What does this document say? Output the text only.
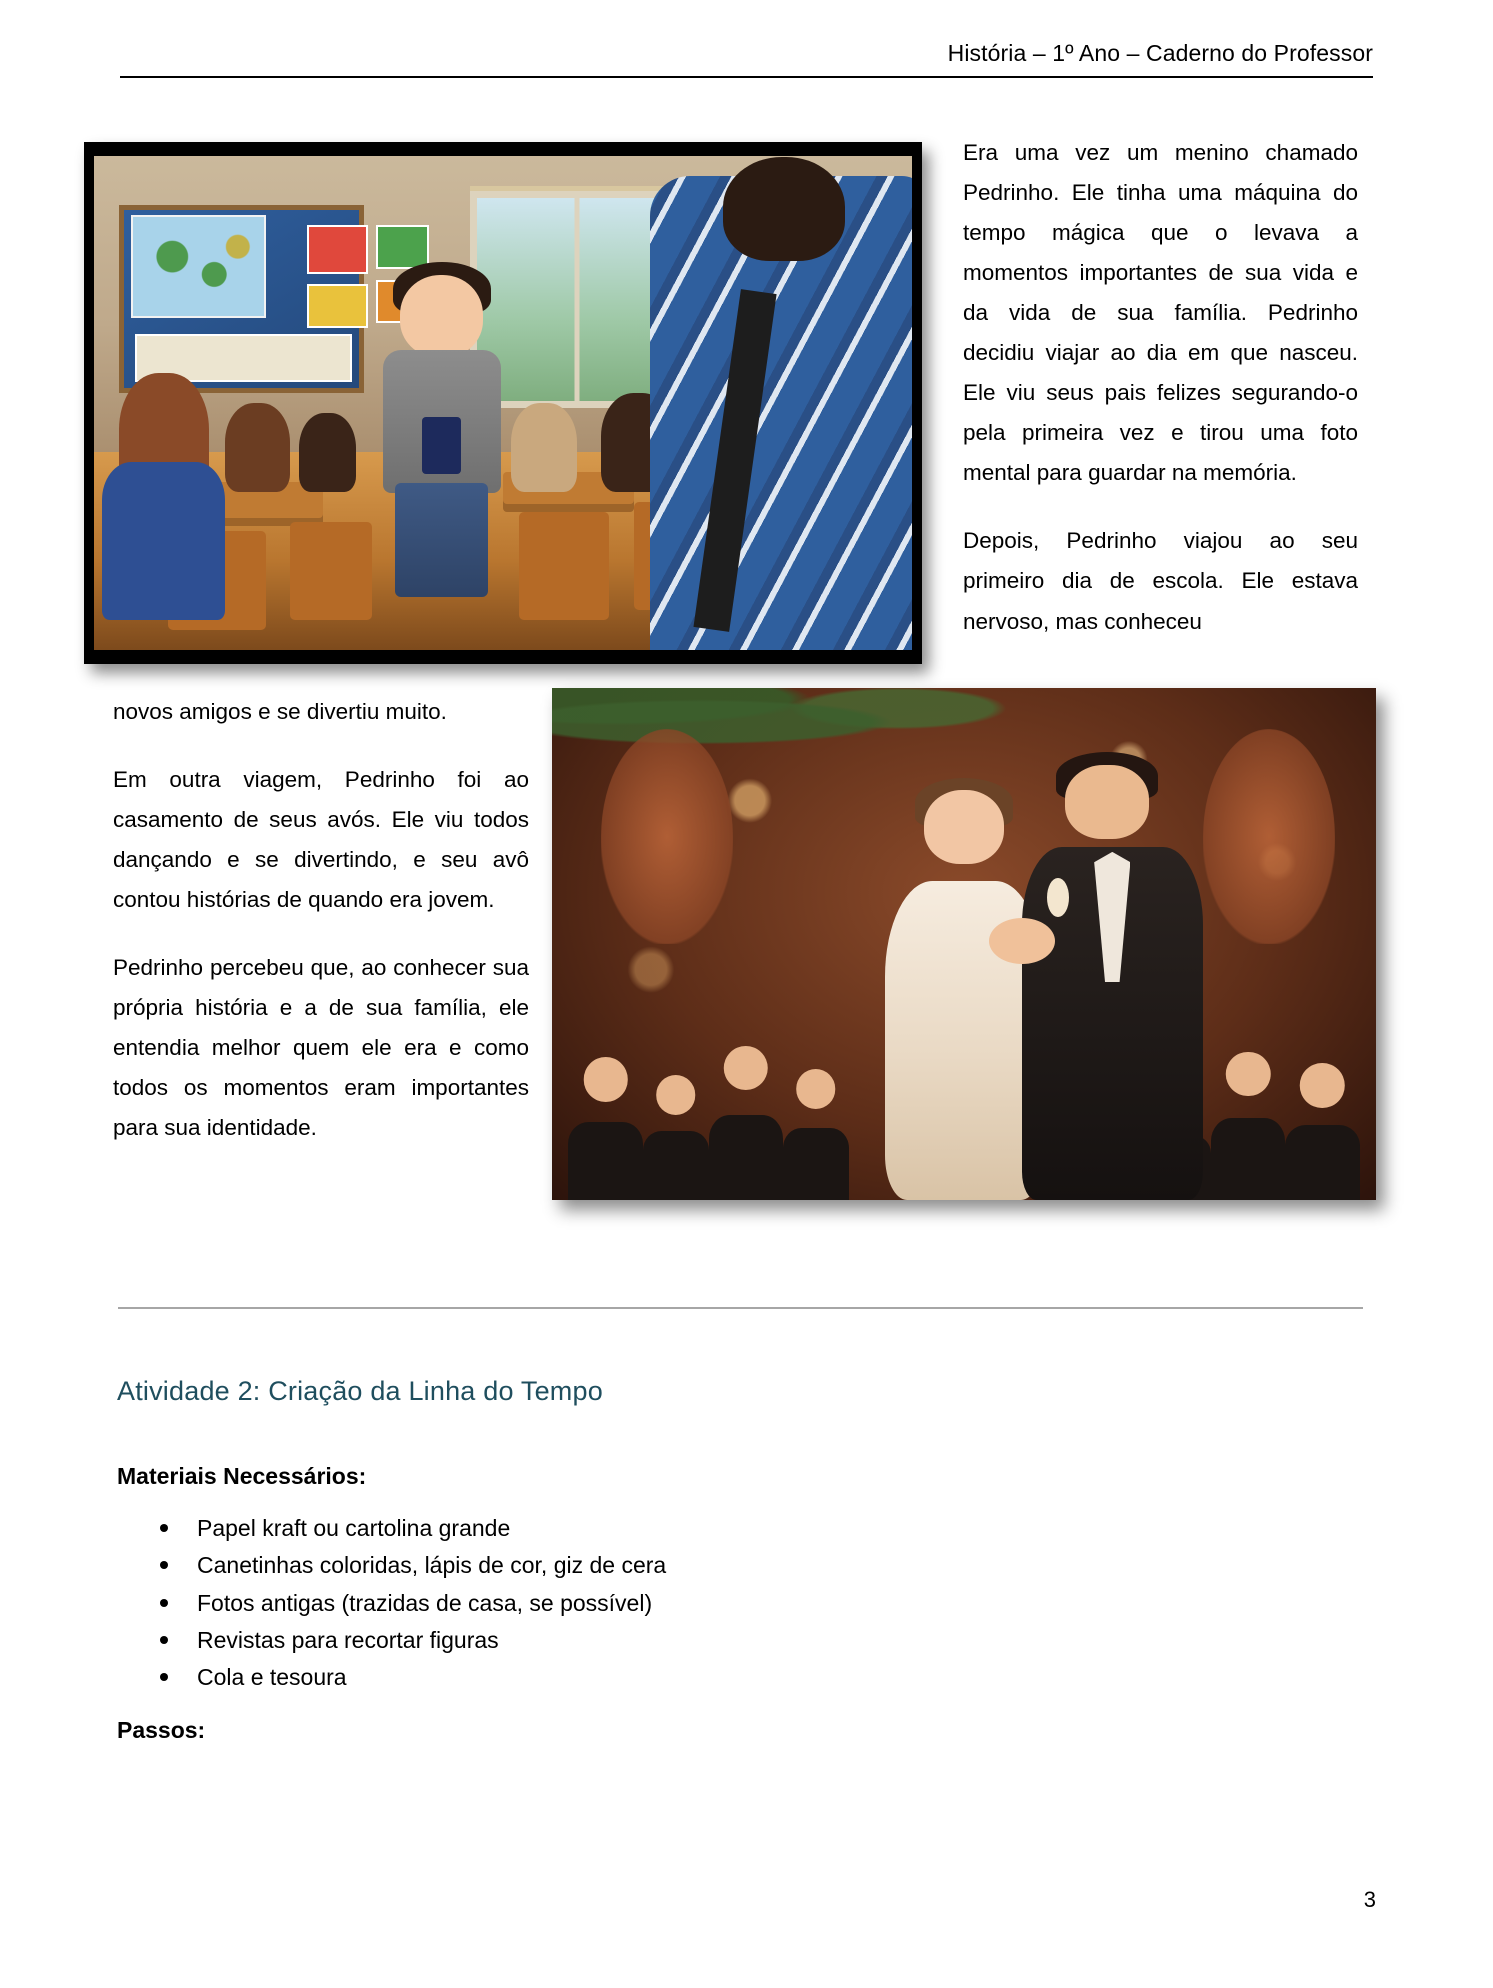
História – 1º Ano – Caderno do Professor

Era uma vez um menino chamado Pedrinho. Ele tinha uma máquina do tempo mágica que o levava a momentos importantes de sua vida e da vida de sua família. Pedrinho decidiu viajar ao dia em que nasceu. Ele viu seus pais felizes segurando-o pela primeira vez e tirou uma foto mental para guardar na memória.

Depois, Pedrinho viajou ao seu primeiro dia de escola. Ele estava nervoso, mas conheceu

novos amigos e se divertiu muito.

Em outra viagem, Pedrinho foi ao casamento de seus avós. Ele viu todos dançando e se divertindo, e seu avô contou histórias de quando era jovem.

Pedrinho percebeu que, ao conhecer sua própria história e a de sua família, ele entendia melhor quem ele era e como todos os momentos eram importantes para sua identidade.

Atividade 2: Criação da Linha do Tempo
Materiais Necessários:
Papel kraft ou cartolina grande
Canetinhas coloridas, lápis de cor, giz de cera
Fotos antigas (trazidas de casa, se possível)
Revistas para recortar figuras
Cola e tesoura
Passos:
3
